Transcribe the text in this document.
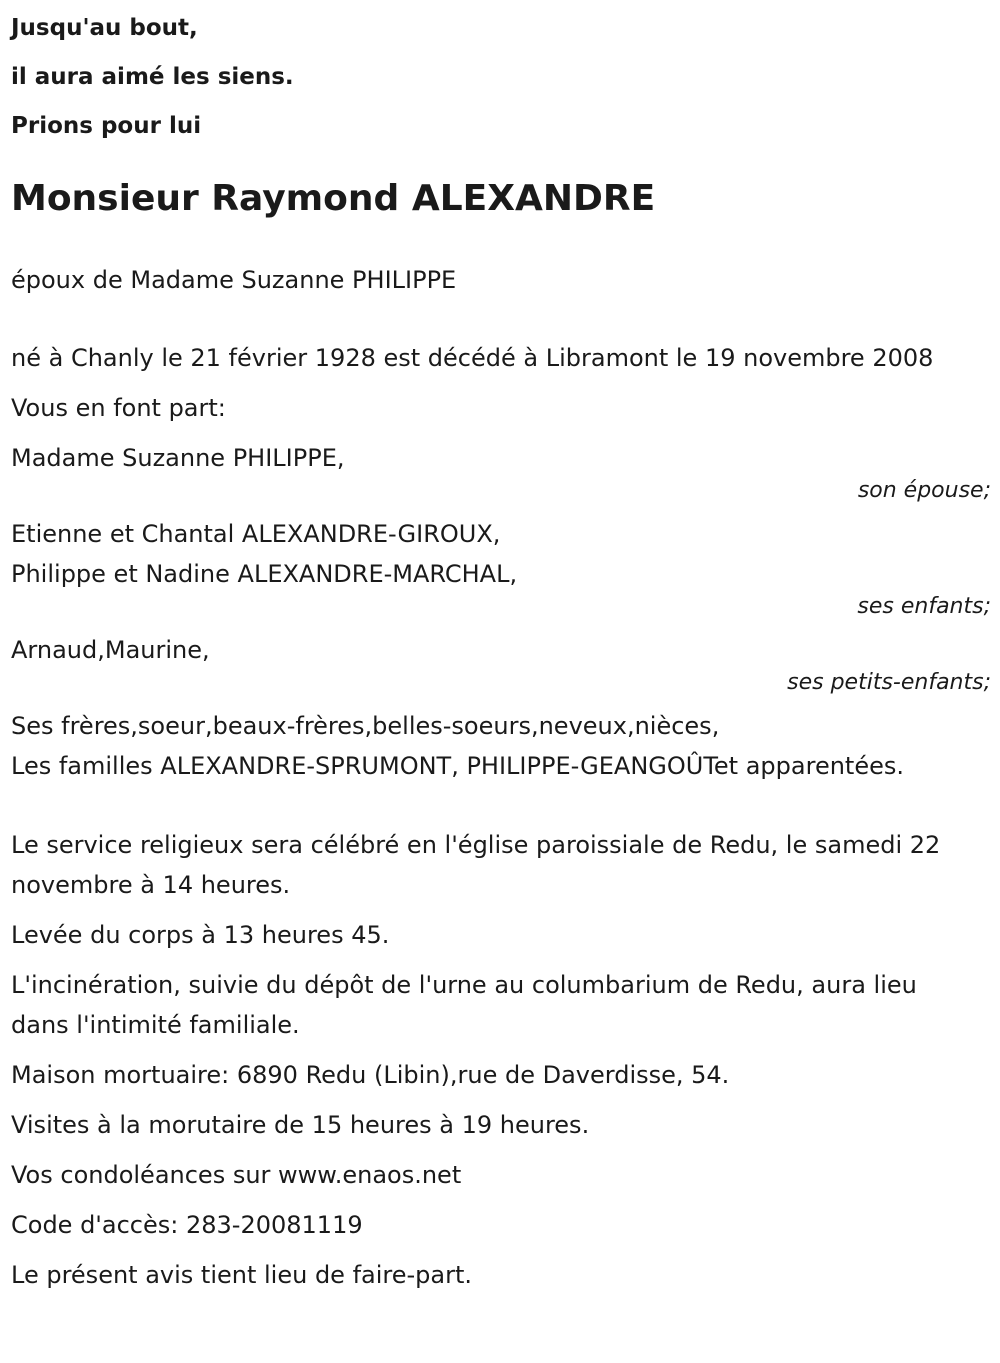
Jusqu'au bout,
il aura aimé les siens.
Prions pour lui
Monsieur Raymond ALEXANDRE
époux de Madame Suzanne PHILIPPE
né à Chanly le 21 février 1928 est décédé à Libramont le 19 novembre 2008
Vous en font part:
Madame Suzanne PHILIPPE,
son épouse;
Etienne et Chantal ALEXANDRE-GIROUX,
Philippe et Nadine ALEXANDRE-MARCHAL,
ses enfants;
Arnaud,Maurine,
ses petits-enfants;
Ses frères,soeur,beaux-frères,belles-soeurs,neveux,nièces,
Les familles ALEXANDRE-SPRUMONT, PHILIPPE-GEANGOÛTet apparentées.
Le service religieux sera célébré en l'église paroissiale de Redu, le samedi 22 novembre à 14 heures.
Levée du corps à 13 heures 45.
L'incinération, suivie du dépôt de l'urne au columbarium de Redu, aura lieu dans l'intimité familiale.
Maison mortuaire: 6890 Redu (Libin),rue de Daverdisse, 54.
Visites à la morutaire de 15 heures à 19 heures.
Vos condoléances sur www.enaos.net
Code d'accès: 283-20081119
Le présent avis tient lieu de faire-part.
